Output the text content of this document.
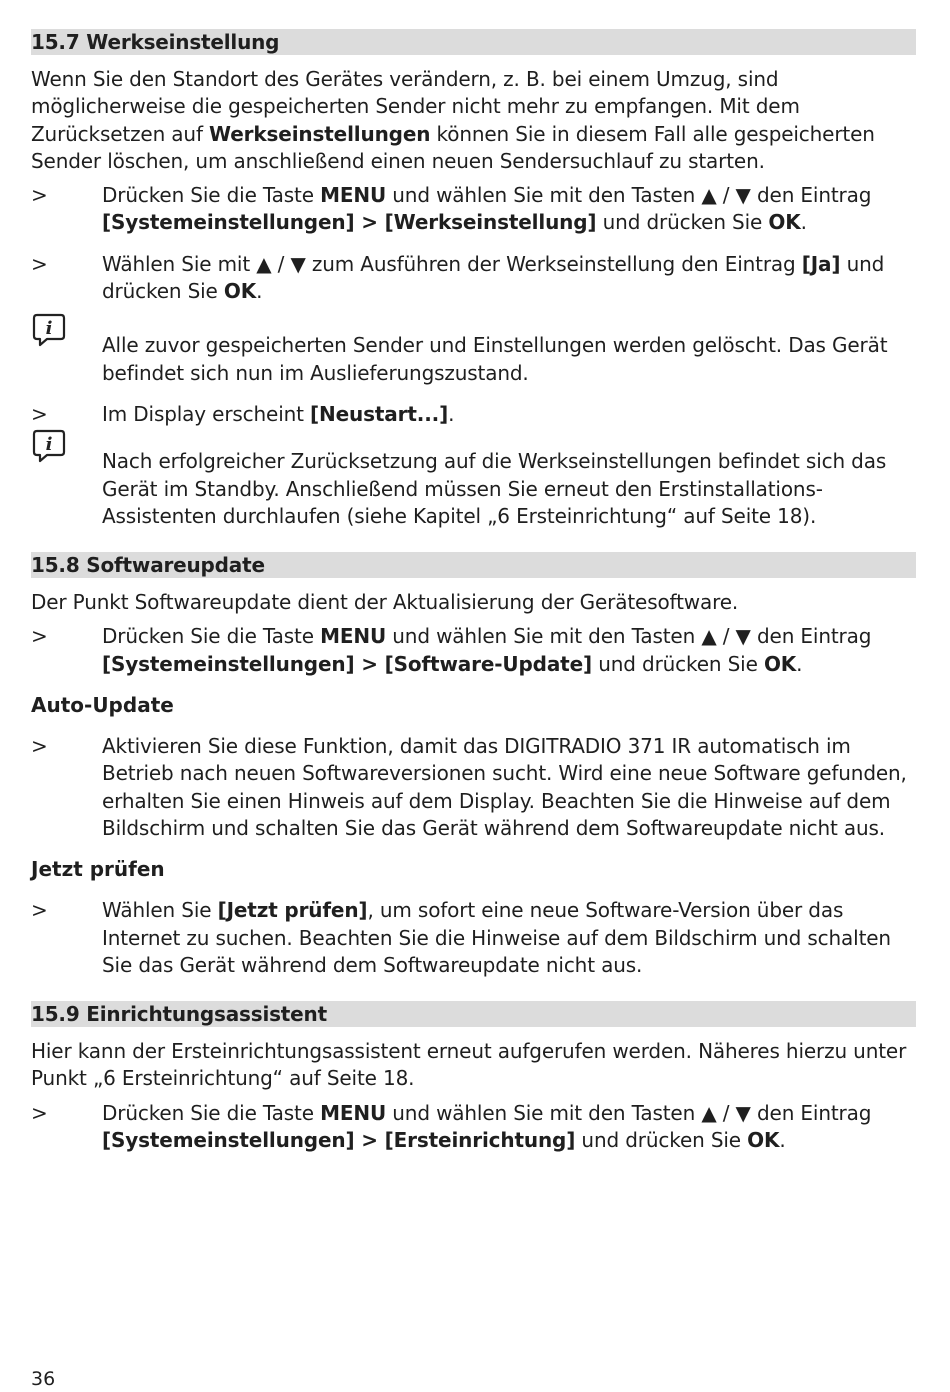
15.7 Werkseinstellung

Wenn Sie den Standort des Gerätes verändern, z. B. bei einem Umzug, sind möglicherweise die gespeicherten Sender nicht mehr zu empfangen. Mit dem Zurücksetzen auf Werkseinstellungen können Sie in diesem Fall alle gespeicherten Sender löschen, um anschließend einen neuen Sendersuchlauf zu starten.

>	Drücken Sie die Taste MENU und wählen Sie mit den Tasten ▲ / ▼ den Eintrag [Systemeinstellungen] > [Werkseinstellung] und drücken Sie OK.
>	Wählen Sie mit ▲ / ▼ zum Ausführen der Werkseinstellung den Eintrag [Ja] und drücken Sie OK.
i
Alle zuvor gespeicherten Sender und Einstellungen werden gelöscht. Das Gerät befindet sich nun im Auslieferungszustand.
>	Im Display erscheint [Neustart...].
i
Nach erfolgreicher Zurücksetzung auf die Werkseinstellungen befindet sich das Gerät im Standby. Anschließend müssen Sie erneut den Erstinstallations-Assistenten durchlaufen (siehe Kapitel „6 Ersteinrichtung“ auf Seite 18).
15.8 Softwareupdate

Der Punkt Softwareupdate dient der Aktualisierung der Gerätesoftware.

>	Drücken Sie die Taste MENU und wählen Sie mit den Tasten ▲ / ▼ den Eintrag [Systemeinstellungen] > [Software-Update] und drücken Sie OK.

Auto-Update

>	Aktivieren Sie diese Funktion, damit das DIGITRADIO 371 IR automatisch im Betrieb nach neuen Softwareversionen sucht. Wird eine neue Software gefunden, erhalten Sie einen Hinweis auf dem Display. Beachten Sie die Hinweise auf dem Bildschirm und schalten Sie das Gerät während dem Softwareupdate nicht aus.

Jetzt prüfen

>	Wählen Sie [Jetzt prüfen], um sofort eine neue Software-Version über das Internet zu suchen. Beachten Sie die Hinweise auf dem Bildschirm und schalten Sie das Gerät während dem Softwareupdate nicht aus.
15.9 Einrichtungsassistent

Hier kann der Ersteinrichtungsassistent erneut aufgerufen werden. Näheres hierzu unter Punkt „6 Ersteinrichtung“ auf Seite 18.

>	Drücken Sie die Taste MENU und wählen Sie mit den Tasten ▲ / ▼ den Eintrag [Systemeinstellungen] > [Ersteinrichtung] und drücken Sie OK.
36
